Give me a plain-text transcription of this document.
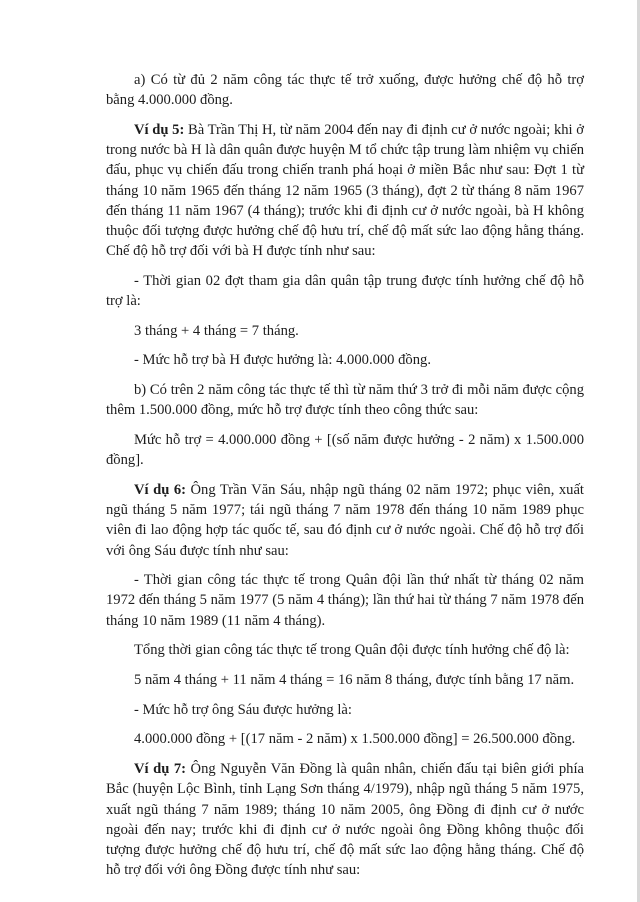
a) Có từ đủ 2 năm công tác thực tế trở xuống, được hưởng chế độ hỗ trợ bằng 4.000.000 đồng.

Ví dụ 5: Bà Trần Thị H, từ năm 2004 đến nay đi định cư ở nước ngoài; khi ở trong nước bà H là dân quân được huyện M tổ chức tập trung làm nhiệm vụ chiến đấu, phục vụ chiến đấu trong chiến tranh phá hoại ở miền Bắc như sau: Đợt 1 từ tháng 10 năm 1965 đến tháng 12 năm 1965 (3 tháng), đợt 2 từ tháng 8 năm 1967 đến tháng 11 năm 1967 (4 tháng); trước khi đi định cư ở nước ngoài, bà H không thuộc đối tượng được hưởng chế độ hưu trí, chế độ mất sức lao động hằng tháng. Chế độ hỗ trợ đối với bà H được tính như sau:

- Thời gian 02 đợt tham gia dân quân tập trung được tính hưởng chế độ hỗ trợ là:

3 tháng + 4 tháng = 7 tháng.

- Mức hỗ trợ bà H được hưởng là: 4.000.000 đồng.

b) Có trên 2 năm công tác thực tế thì từ năm thứ 3 trở đi mỗi năm được cộng thêm 1.500.000 đồng, mức hỗ trợ được tính theo công thức sau:

Mức hỗ trợ = 4.000.000 đồng + [(số năm được hưởng - 2 năm) x 1.500.000 đồng].

Ví dụ 6: Ông Trần Văn Sáu, nhập ngũ tháng 02 năm 1972; phục viên, xuất ngũ tháng 5 năm 1977; tái ngũ tháng 7 năm 1978 đến tháng 10 năm 1989 phục viên đi lao động hợp tác quốc tế, sau đó định cư ở nước ngoài. Chế độ hỗ trợ đối với ông Sáu được tính như sau:

- Thời gian công tác thực tế trong Quân đội lần thứ nhất từ tháng 02 năm 1972 đến tháng 5 năm 1977 (5 năm 4 tháng); lần thứ hai từ tháng 7 năm 1978 đến tháng 10 năm 1989 (11 năm 4 tháng).

Tổng thời gian công tác thực tế trong Quân đội được tính hưởng chế độ là:

5 năm 4 tháng + 11 năm 4 tháng = 16 năm 8 tháng, được tính bằng 17 năm.

- Mức hỗ trợ ông Sáu được hưởng là:

4.000.000 đồng + [(17 năm - 2 năm) x 1.500.000 đồng] = 26.500.000 đồng.

Ví dụ 7: Ông Nguyễn Văn Đồng là quân nhân, chiến đấu tại biên giới phía Bắc (huyện Lộc Bình, tỉnh Lạng Sơn tháng 4/1979), nhập ngũ tháng 5 năm 1975, xuất ngũ tháng 7 năm 1989; tháng 10 năm 2005, ông Đồng đi định cư ở nước ngoài đến nay; trước khi đi định cư ở nước ngoài ông Đồng không thuộc đối tượng được hưởng chế độ hưu trí, chế độ mất sức lao động hằng tháng. Chế độ hỗ trợ đối với ông Đồng được tính như sau:
